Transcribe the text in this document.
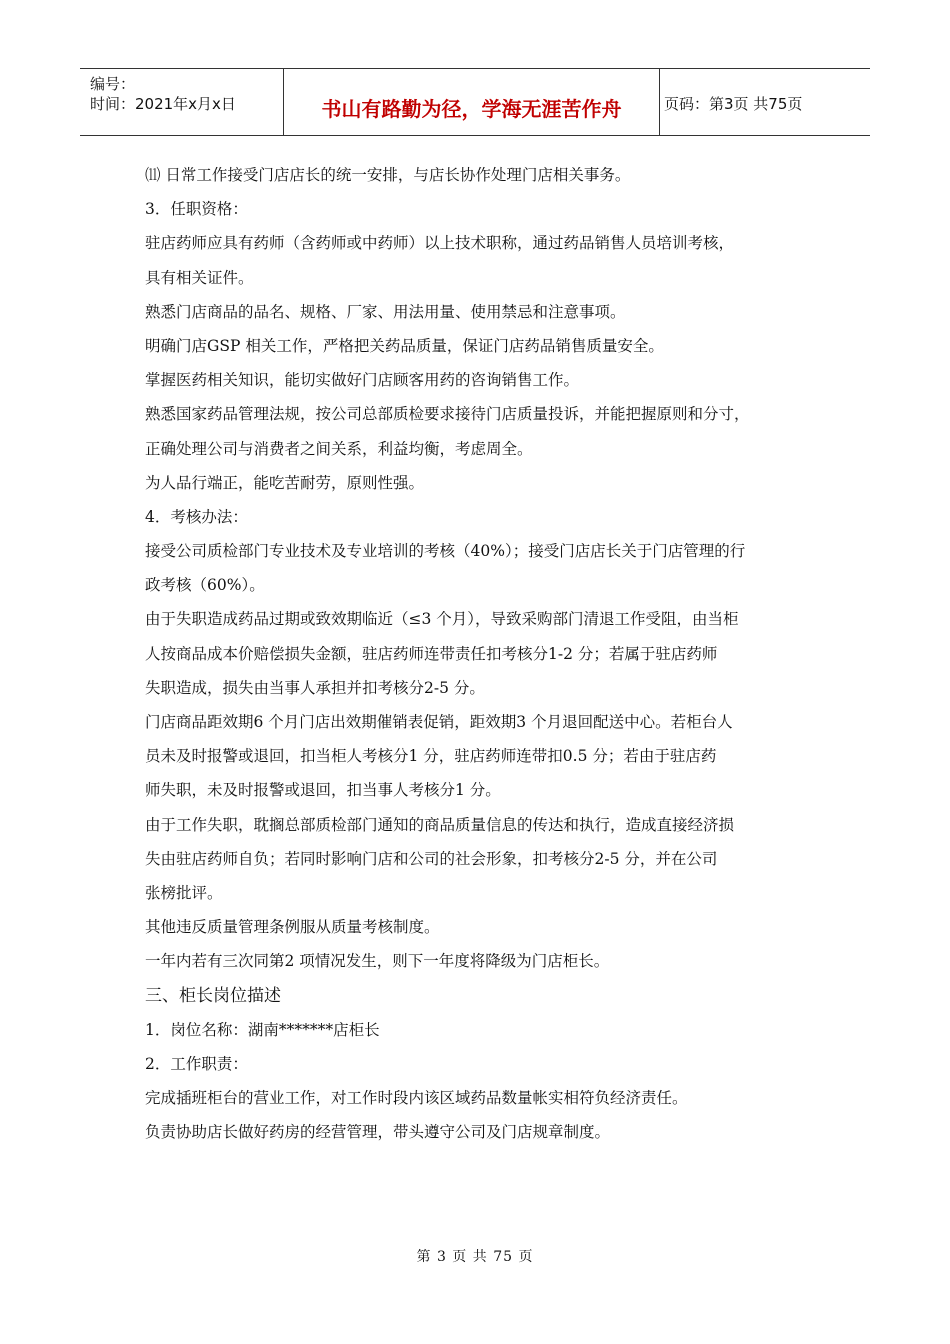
编号：
时间：2021年x月x日	书山有路勤为径，学海无涯苦作舟	页码：第3页 共75页
⑾ 日常工作接受门店店长的统一安排，与店长协作处理门店相关事务。
3．任职资格：
驻店药师应具有药师（含药师或中药师）以上技术职称，通过药品销售人员培训考核，
具有相关证件。
熟悉门店商品的品名、规格、厂家、用法用量、使用禁忌和注意事项。
明确门店GSP 相关工作，严格把关药品质量，保证门店药品销售质量安全。
掌握医药相关知识，能切实做好门店顾客用药的咨询销售工作。
熟悉国家药品管理法规，按公司总部质检要求接待门店质量投诉，并能把握原则和分寸，
正确处理公司与消费者之间关系，利益均衡，考虑周全。
为人品行端正，能吃苦耐劳，原则性强。
4．考核办法：
接受公司质检部门专业技术及专业培训的考核（40%）；接受门店店长关于门店管理的行
政考核（60%）。
由于失职造成药品过期或致效期临近（≤3 个月），导致采购部门清退工作受阻，由当柜
人按商品成本价赔偿损失金额，驻店药师连带责任扣考核分1-2 分；若属于驻店药师
失职造成，损失由当事人承担并扣考核分2-5 分。
门店商品距效期6 个月门店出效期催销表促销，距效期3 个月退回配送中心。若柜台人
员未及时报警或退回，扣当柜人考核分1 分，驻店药师连带扣0.5 分；若由于驻店药
师失职，未及时报警或退回，扣当事人考核分1 分。
由于工作失职，耽搁总部质检部门通知的商品质量信息的传达和执行，造成直接经济损
失由驻店药师自负；若同时影响门店和公司的社会形象，扣考核分2-5 分，并在公司
张榜批评。
其他违反质量管理条例服从质量考核制度。
一年内若有三次同第2 项情况发生，则下一年度将降级为门店柜长。
三、柜长岗位描述
1．岗位名称：湖南*******店柜长
2．工作职责：
完成插班柜台的营业工作，对工作时段内该区域药品数量帐实相符负经济责任。
负责协助店长做好药房的经营管理，带头遵守公司及门店规章制度。
第 3 页 共 75 页
